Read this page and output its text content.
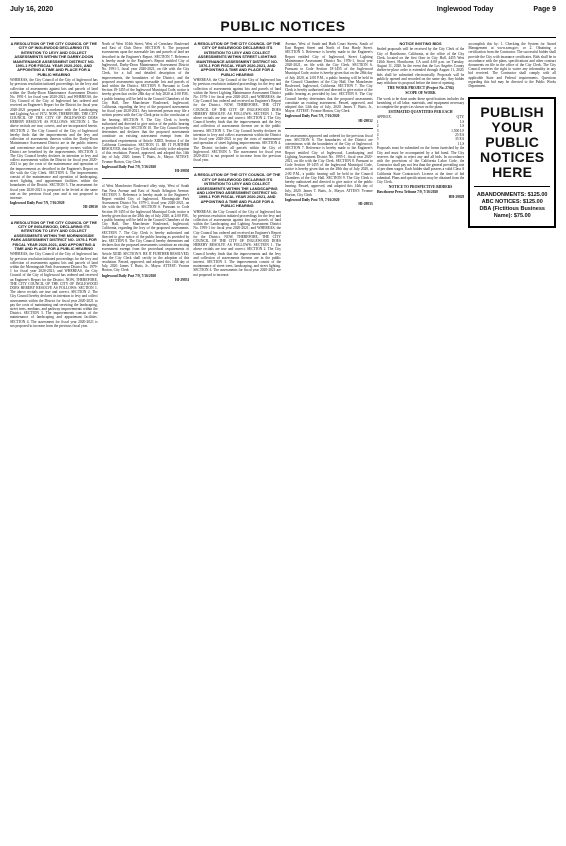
July 16, 2020	Inglewood Today	Page 9
PUBLIC NOTICES
A RESOLUTION OF THE CITY COUNCIL OF THE CITY OF INGLEWOOD DECLARING ITS INTENTION TO LEVY AND COLLECT ASSESSMENTS WITHIN THE DARBY-DOON MAINTENANCE ASSESSMENT DISTRICT NO. 1991-1 FOR FISCAL YEAR 2020-2021, AND APPOINTING A TIME AND PLACE FOR A PUBLIC HEARING
WHEREAS, the City Council of the City of Inglewood has by previous resolution initiated proceedings for the levy and collection of assessments against lots and parcels of land within the Darby-Doon Maintenance Assessment District No. 1991-1 for fiscal year 2020-2021; and WHEREAS, the City Council of the City of Inglewood has ordered and received an Engineer's Report for the District for fiscal year 2020-2021 prepared in accordance with the Landscaping and Lighting Act of 1972. NOW, THEREFORE, THE CITY COUNCIL OF THE CITY OF INGLEWOOD DOES HEREBY RESOLVE AS FOLLOWS: SECTION 1. The above recitals are true, correct, and are incorporated herein. SECTION 2. The City Council of the City of Inglewood hereby finds that the improvements and the levy and collection of assessments thereon within the Darby-Doon Maintenance Assessment District are in the public interest and convenience and that the property owners within the District are benefited by the improvements. SECTION 3. The City Council hereby declares its intention to levy and collect assessments within the District for fiscal year 2020-2021 to pay the costs of the maintenance and operation of the improvements as described in the Engineer's Report on file with the City Clerk. SECTION 4. The improvements consist of the maintenance and operation of landscaping, street lighting, and appurtenant facilities within the boundaries of the District. SECTION 5. The assessment for fiscal year 2020-2021 is proposed to be levied at the same rate as the previous fiscal year and is not proposed to increase.
Inglewood Daily Post 7/9, 7/16/2020
HI-29830
A RESOLUTION OF THE CITY COUNCIL OF THE CITY OF INGLEWOOD, DECLARING ITS INTENTION TO LEVY AND COLLECT ASSESSMENTS WITHIN THE MORNINGSIDE PARK ASSESSMENT DISTRICT NO. 1979-1 FOR FISCAL YEAR 2020-2021, AND APPOINTING A TIME AND PLACE FOR A PUBLIC HEARING
WHEREAS, the City Council of the City of Inglewood has by previous resolution initiated proceedings for the levy and collection of assessments against lots and parcels of land within the Morningside Park Assessment District No. 1979-1 for fiscal year 2020-2021; and WHEREAS, the City Council of the City of Inglewood has ordered and received an Engineer's Report for the District. NOW, THEREFORE, THE CITY COUNCIL OF THE CITY OF INGLEWOOD DOES HEREBY RESOLVE AS FOLLOWS: SECTION 1. The above recitals are true and correct. SECTION 2. The City Council hereby declares its intention to levy and collect assessments within the District for fiscal year 2020-2021 to pay the costs of maintaining and servicing the landscaping, street trees, medians, and parkway improvements within the District. SECTION 3. The improvements consist of the maintenance of landscaping and appurtenant facilities. SECTION 4. The assessment for fiscal year 2020-2021 is not proposed to increase from the previous fiscal year.
North of West 104th Street, West of Crenshaw Boulevard and East of Club Drive. SECTION 6. The proposed assessments upon the assessable lots and parcels of land are described in the Engineer's Report. SECTION 7. Reference is hereby made to the Engineer's Report entitled City of Inglewood, Darby-Doon Maintenance Assessment District No. 1991-1, fiscal year 2020-2021, on file with the City Clerk, for a full and detailed description of the improvements, the boundaries of the District, and the proposed assessments upon assessable lots and parcels of land within the District. SECTION 8. Pursuant to Code Section 18-1455 of the Inglewood Municipal Code, notice is hereby given that on the 28th day of July 2020 at 2:00 P.M., a public hearing will be held in the Council Chambers of the City Hall, One Manchester Boulevard, Inglewood, California, regarding the levy of the proposed assessments for fiscal year 2020-2021. Any interested person may file a written protest with the City Clerk prior to the conclusion of the hearing. SECTION 9. The City Clerk is hereby authorized and directed to give notice of the public hearing as provided by law. SECTION 10. The City Council hereby determines and declares that the proposed assessments constitute an existing assessment exempt from the procedural requirements of Article XIIID, Section 4 of the California Constitution. SECTION 11. BE IT FURTHER RESOLVED, that the City Clerk shall certify to the adoption of this resolution. Passed, approved, and adopted this 14th day of July, 2020. James T. Butts, Jr., Mayor. ATTEST: Yvonne Horton, City Clerk
Inglewood Daily Post 7/9, 7/16/2020
HI-29830
of West Manchester Boulevard alley strip, West of South Van Ness Avenue and East of South Arlington Avenue. SECTION 5. Reference is hereby made to the Engineer's Report entitled City of Inglewood, Morningside Park Assessment District No. 1979-1, fiscal year 2020-2021, on file with the City Clerk. SECTION 6. Pursuant to Code Section 18-1455 of the Inglewood Municipal Code, notice is hereby given that on the 28th day of July 2020, at 2:00 P.M., a public hearing will be held in the Council Chambers of the City Hall, One Manchester Boulevard, Inglewood, California, regarding the levy of the proposed assessments. SECTION 7. The City Clerk is hereby authorized and directed to give notice of the public hearing as provided by law. SECTION 8. The City Council hereby determines and declares that the proposed assessments constitute an existing assessment exempt from the procedural requirements of Article XIIID. SECTION 9. BE IT FURTHER RESOLVED, that the City Clerk shall certify to the adoption of this resolution. Passed, approved, and adopted this 14th day of July, 2020. James T. Butts, Jr., Mayor. ATTEST: Yvonne Horton, City Clerk
Inglewood Daily Post 7/9, 7/16/2020
HI-29831
A RESOLUTION OF THE CITY COUNCIL OF THE CITY OF INGLEWOOD DECLARING ITS INTENTION TO LEVY AND COLLECT ASSESSMENTS WITHIN STREET LIGHTING MAINTENANCE ASSESSMENT DISTRICT NO. 1976-1 FOR FISCAL YEAR 2020-2021, AND APPOINTING A TIME AND PLACE FOR A PUBLIC HEARING
WHEREAS, the City Council of the City of Inglewood has by previous resolution initiated proceedings for the levy and collection of assessments against lots and parcels of land within the Street Lighting Maintenance Assessment District No. 1976-1 for fiscal year 2020-2021; and WHEREAS, the City Council has ordered and received an Engineer's Report for the District. NOW, THEREFORE, THE CITY COUNCIL OF THE CITY OF INGLEWOOD DOES HEREBY RESOLVE AS FOLLOWS: SECTION 1. The above recitals are true and correct. SECTION 2. The City Council hereby finds that the improvements and the levy and collection of assessments thereon are in the public interest. SECTION 3. The City Council hereby declares its intention to levy and collect assessments within the District for fiscal year 2020-2021 to pay the costs of maintenance and operation of street lighting improvements. SECTION 4. The District includes all parcels within the City of Inglewood. SECTION 5. The assessment for fiscal year 2020-2021 is not proposed to increase from the previous fiscal year.
A RESOLUTION OF THE CITY COUNCIL OF THE CITY OF INGLEWOOD DECLARING ITS INTENTION TO LEVY AND COLLECT ASSESSMENTS WITHIN THE LANDSCAPING AND LIGHTING ASSESSMENT DISTRICT NO. 1995-1 FOR FISCAL YEAR 2020-2021, AND APPOINTING A TIME AND PLACE FOR A PUBLIC HEARING
WHEREAS, the City Council of the City of Inglewood has by previous resolution initiated proceedings for the levy and collection of assessments against lots and parcels of land within the Landscaping and Lighting Assessment District No. 1995-1 for fiscal year 2020-2021; and WHEREAS, the City Council has ordered and received an Engineer's Report for the District. NOW, THEREFORE, THE CITY COUNCIL OF THE CITY OF INGLEWOOD DOES HEREBY RESOLVE AS FOLLOWS: SECTION 1. The above recitals are true and correct. SECTION 2. The City Council hereby finds that the improvements and the levy and collection of assessments thereon are in the public interest. SECTION 3. The improvements consist of the maintenance of street trees, landscaping, and street lighting. SECTION 4. The assessments for fiscal year 2020-2021 are not proposed to increase.
Avenue, West of South and Hath Court Streets, South of East Regent Street and North of East Hardy Street. SECTION 5. Reference is hereby made to the Engineer's Report entitled City of Inglewood, Street Lighting Maintenance Assessment District No. 1976-1, fiscal year 2020-2021, on file with the City Clerk. SECTION 6. Pursuant to Code Section 18-1455 of the Inglewood Municipal Code, notice is hereby given that on the 28th day of July 2020, at 2:00 P.M., a public hearing will be held in the Council Chambers of the City Hall, One Manchester Boulevard, Inglewood, California. SECTION 7. The City Clerk is hereby authorized and directed to give notice of the public hearing as provided by law. SECTION 8. The City Council hereby determines that the proposed assessments constitute an existing assessment. Passed, approved, and adopted this 14th day of July, 2020. James T. Butts, Jr., Mayor. ATTEST: Yvonne Horton, City Clerk
Inglewood Daily Post 7/9, 7/16/2020
HI-29832
the assessments approved and ordered for the previous fiscal year. SECTION 6. The boundaries of the District are coterminous with the boundaries of the City of Inglewood. SECTION 7. Reference is hereby made to the Engineer's Report entitled City of Inglewood, Landscaping and Lighting Assessment District No. 1995-1, fiscal year 2020-2021, on file with the City Clerk. SECTION 8. Pursuant to Code Section 18-1455 of the Inglewood Municipal Code, notice is hereby given that on the 28th day of July 2020, at 2:00 P.M., a public hearing will be held in the Council Chambers of the City Hall. SECTION 9. The City Clerk is hereby authorized and directed to give notice of the public hearing. Passed, approved, and adopted this 14th day of July, 2020. James T. Butts, Jr., Mayor. ATTEST: Yvonne Horton, City Clerk
Inglewood Daily Post 7/9, 7/16/2020
HI-29833
NOTICE INVITING BIDS
Sealed proposals will be received by the City Clerk of the City of Hawthorne, California, at the office of the City Clerk, located on the first floor in City Hall, 4455 West 126th Street, Hawthorne, CA until 4:00 p.m. on Tuesday, August 11, 2020. In the event that the Los Angeles County shelter-in-place order is extended through August 11, 2020, bids shall be submitted electronically. Proposals will be publicly opened and recorded on the same day. Any bidder may withdraw its proposal before the time of opening.
THE WORK PROJECT (Project No. 2704)
SCOPE OF WORK
The work to be done under these specifications includes the furnishing of all labor, materials, and equipment necessary to complete the project as shown on the plans.
ESTIMATED QUANTITIES PER EACH
APPROX.	QTY.
1	LS
2	LS
3	1,500 LF
4	25 EA
5	35 EA
6	1 LS
Proposals must be submitted on the forms furnished by the City and must be accompanied by a bid bond. The City reserves the right to reject any and all bids. In accordance with the provisions of the California Labor Code, the Contractor shall pay not less than the general prevailing rate of per diem wages. Each bidder shall possess a valid Class A California State Contractor's License at the time of bid submittal. Plans and specifications may be obtained from the City Clerk.
NOTICE TO PROSPECTIVE BIDDERS
Hawthorne Press Tribune 7/9, 7/16/2020
HH-29829
accomplish this by: 1. Checking the System for Award Management at www.sam.gov; or 2. Obtaining a certification from the Contractor. The successful bidder shall provide the City with insurance certificates. Bids shall be in accordance with the plans, specifications and other contract documents on file in the office of the City Clerk. The City Council reserves the right to waive any informality in any bid received. The Contractor shall comply with all applicable State and Federal requirements. Questions regarding this bid may be directed to the Public Works Department.
PUBLISH
YOUR
PUBLIC
NOTICES
HERE
ABANDONMENTS: $125.00
ABC NOTICES: $125.00
DBA (Fictitious Business Name): $75.00
